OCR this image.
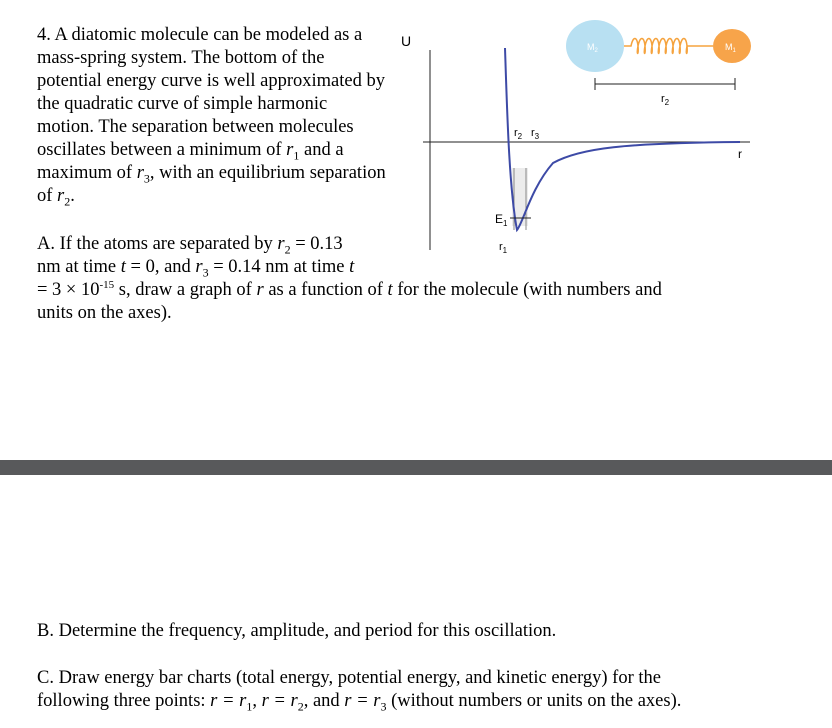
4. A diatomic molecule can be modeled as a mass-spring system. The bottom of the potential energy curve is well approximated by the quadratic curve of simple harmonic motion. The separation between molecules oscillates between a minimum of $r_1$ and a maximum of $r_3$, with an equilibrium separation of $r_2$.

U
r
$E_1$
$r_2$ $r_3$
$r_1$
$M_2$	$M_1$
$r_2$
A. If the atoms are separated by $r_2 = 0.13$
nm at time t = 0, and $r_3 = 0.14$ nm at time t
= $3 \times 10^{-15}$ s, draw a graph of r as a function of t for the molecule (with numbers and
units on the axes).
B. Determine the frequency, amplitude, and period for this oscillation.
C. Draw energy bar charts (total energy, potential energy, and kinetic energy) for the
following three points: $r = r_1$, $r = r_2$, and $r = r_3$ (without numbers or units on the axes).
